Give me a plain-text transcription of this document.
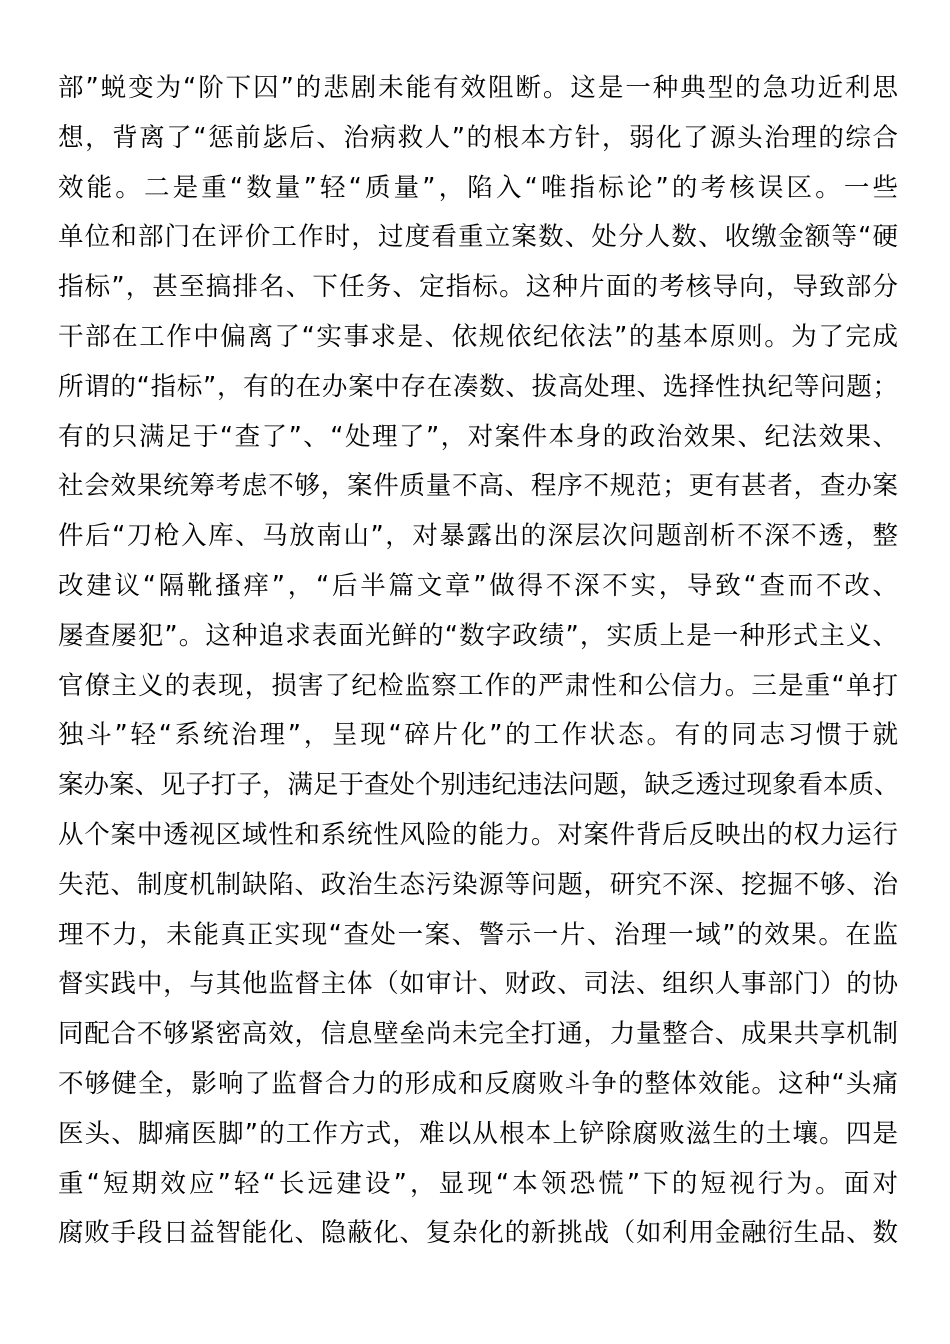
部”蜕变为“阶下囚”的悲剧未能有效阻断。这是一种典型的急功近利思
想，背离了“惩前毖后、治病救人”的根本方针，弱化了源头治理的综合
效能。二是重“数量”轻“质量”，陷入“唯指标论”的考核误区。一些
单位和部门在评价工作时，过度看重立案数、处分人数、收缴金额等“硬
指标”，甚至搞排名、下任务、定指标。这种片面的考核导向，导致部分
干部在工作中偏离了“实事求是、依规依纪依法”的基本原则。为了完成
所谓的“指标”，有的在办案中存在凑数、拔高处理、选择性执纪等问题；
有的只满足于“查了”、“处理了”，对案件本身的政治效果、纪法效果、
社会效果统筹考虑不够，案件质量不高、程序不规范；更有甚者，查办案
件后“刀枪入库、马放南山”，对暴露出的深层次问题剖析不深不透，整
改建议“隔靴搔痒”，“后半篇文章”做得不深不实，导致“查而不改、
屡查屡犯”。这种追求表面光鲜的“数字政绩”，实质上是一种形式主义、
官僚主义的表现，损害了纪检监察工作的严肃性和公信力。三是重“单打
独斗”轻“系统治理”，呈现“碎片化”的工作状态。有的同志习惯于就
案办案、见子打子，满足于查处个别违纪违法问题，缺乏透过现象看本质、
从个案中透视区域性和系统性风险的能力。对案件背后反映出的权力运行
失范、制度机制缺陷、政治生态污染源等问题，研究不深、挖掘不够、治
理不力，未能真正实现“查处一案、警示一片、治理一域”的效果。在监
督实践中，与其他监督主体（如审计、财政、司法、组织人事部门）的协
同配合不够紧密高效，信息壁垒尚未完全打通，力量整合、成果共享机制
不够健全，影响了监督合力的形成和反腐败斗争的整体效能。这种“头痛
医头、脚痛医脚”的工作方式，难以从根本上铲除腐败滋生的土壤。四是
重“短期效应”轻“长远建设”，显现“本领恐慌”下的短视行为。面对
腐败手段日益智能化、隐蔽化、复杂化的新挑战（如利用金融衍生品、数
